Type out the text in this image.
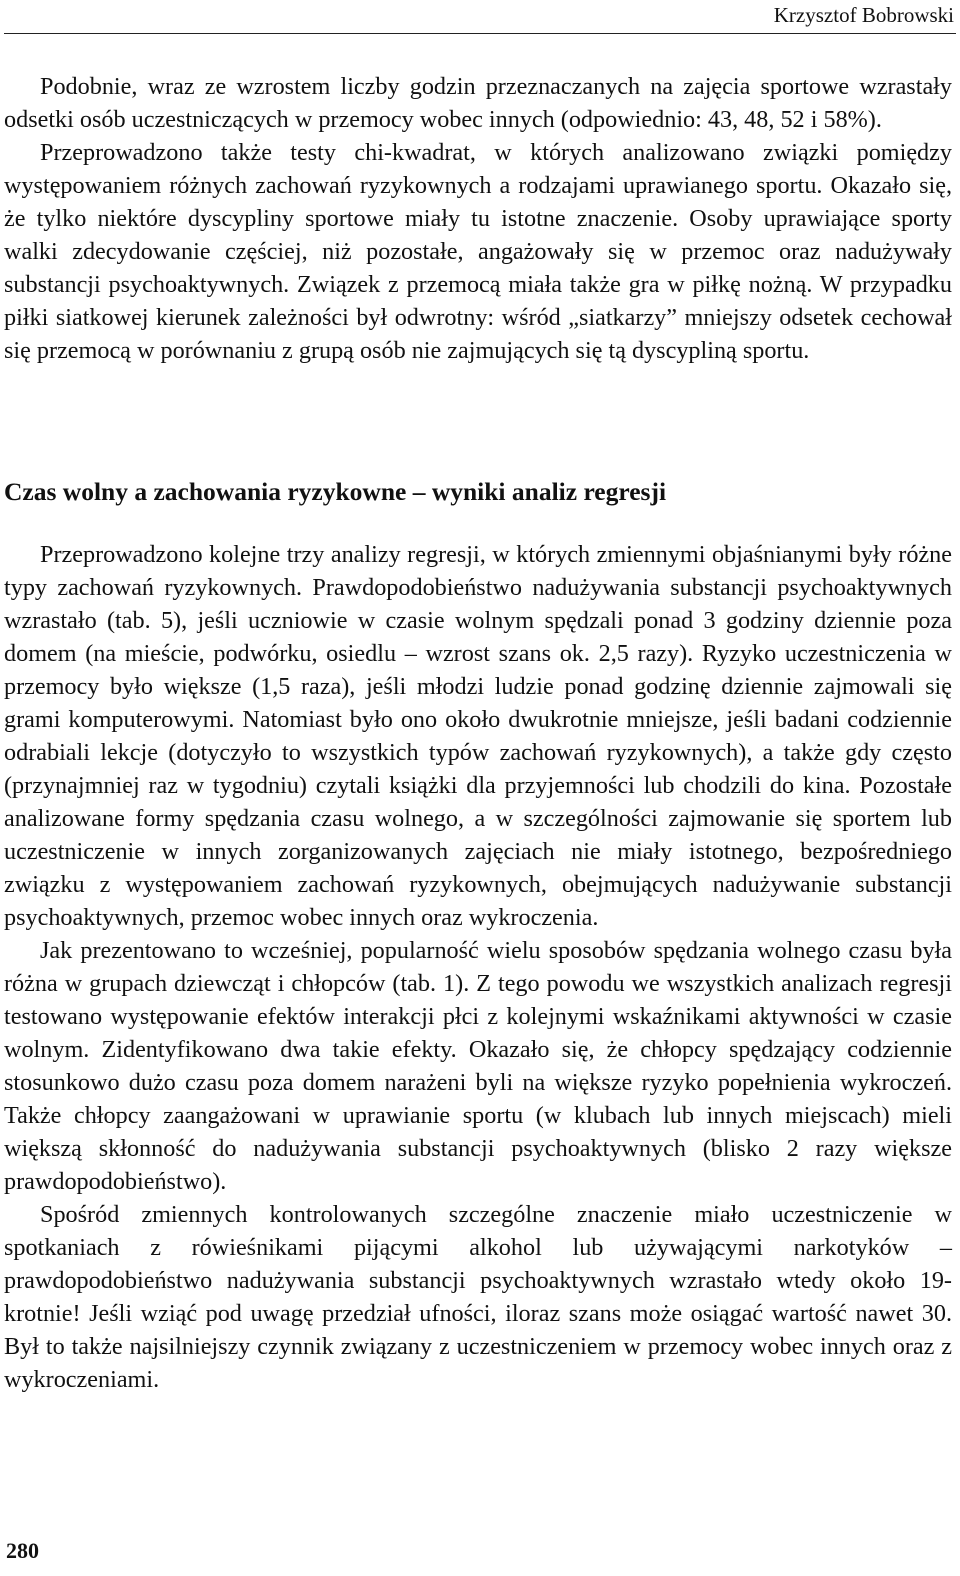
Krzysztof Bobrowski

Podobnie, wraz ze wzrostem liczby godzin przeznaczanych na zajęcia sportowe wzrastały odsetki osób uczestniczących w przemocy wobec innych (odpowiednio: 43, 48, 52 i 58%).

Przeprowadzono także testy chi-kwadrat, w których analizowano związki pomiędzy występowaniem różnych zachowań ryzykownych a rodzajami uprawianego sportu. Okazało się, że tylko niektóre dyscypliny sportowe miały tu istotne znaczenie. Osoby uprawiające sporty walki zdecydowanie częściej, niż pozostałe, angażowały się w przemoc oraz nadużywały substancji psychoaktywnych. Związek z przemocą miała także gra w piłkę nożną. W przypadku piłki siatkowej kierunek zależności był odwrotny: wśród „siatkarzy” mniejszy odsetek cechował się przemocą w porównaniu z grupą osób nie zajmujących się tą dyscypliną sportu.

Czas wolny a zachowania ryzykowne – wyniki analiz regresji

Przeprowadzono kolejne trzy analizy regresji, w których zmiennymi objaśnianymi były różne typy zachowań ryzykownych. Prawdopodobieństwo nadużywania substancji psychoaktywnych wzrastało (tab. 5), jeśli uczniowie w czasie wolnym spędzali ponad 3 godziny dziennie poza domem (na mieście, podwórku, osiedlu – wzrost szans ok. 2,5 razy). Ryzyko uczestniczenia w przemocy było większe (1,5 raza), jeśli młodzi ludzie ponad godzinę dziennie zajmowali się grami komputerowymi. Natomiast było ono około dwukrotnie mniejsze, jeśli badani codziennie odrabiali lekcje (dotyczyło to wszystkich typów zachowań ryzykownych), a także gdy często (przynajmniej raz w tygodniu) czytali książki dla przyjemności lub chodzili do kina. Pozostałe analizowane formy spędzania czasu wolnego, a w szczególności zajmowanie się sportem lub uczestniczenie w innych zorganizowanych zajęciach nie miały istotnego, bezpośredniego związku z występowaniem zachowań ryzykownych, obejmujących nadużywanie substancji psychoaktywnych, przemoc wobec innych oraz wykroczenia.

Jak prezentowano to wcześniej, popularność wielu sposobów spędzania wolnego czasu była różna w grupach dziewcząt i chłopców (tab. 1). Z tego powodu we wszystkich analizach regresji testowano występowanie efektów interakcji płci z kolejnymi wskaźnikami aktywności w czasie wolnym. Zidentyfikowano dwa takie efekty. Okazało się, że chłopcy spędzający codziennie stosunkowo dużo czasu poza domem narażeni byli na większe ryzyko popełnienia wykroczeń. Także chłopcy zaangażowani w uprawianie sportu (w klubach lub innych miejscach) mieli większą skłonność do nadużywania substancji psychoaktywnych (blisko 2 razy większe prawdopodobieństwo).

Spośród zmiennych kontrolowanych szczególne znaczenie miało uczestniczenie w spotkaniach z rówieśnikami pijącymi alkohol lub używającymi narkotyków – prawdopodobieństwo nadużywania substancji psychoaktywnych wzrastało wtedy około 19-krotnie! Jeśli wziąć pod uwagę przedział ufności, iloraz szans może osiągać wartość nawet 30. Był to także najsilniejszy czynnik związany z uczestniczeniem w przemocy wobec innych oraz z wykroczeniami.

280
